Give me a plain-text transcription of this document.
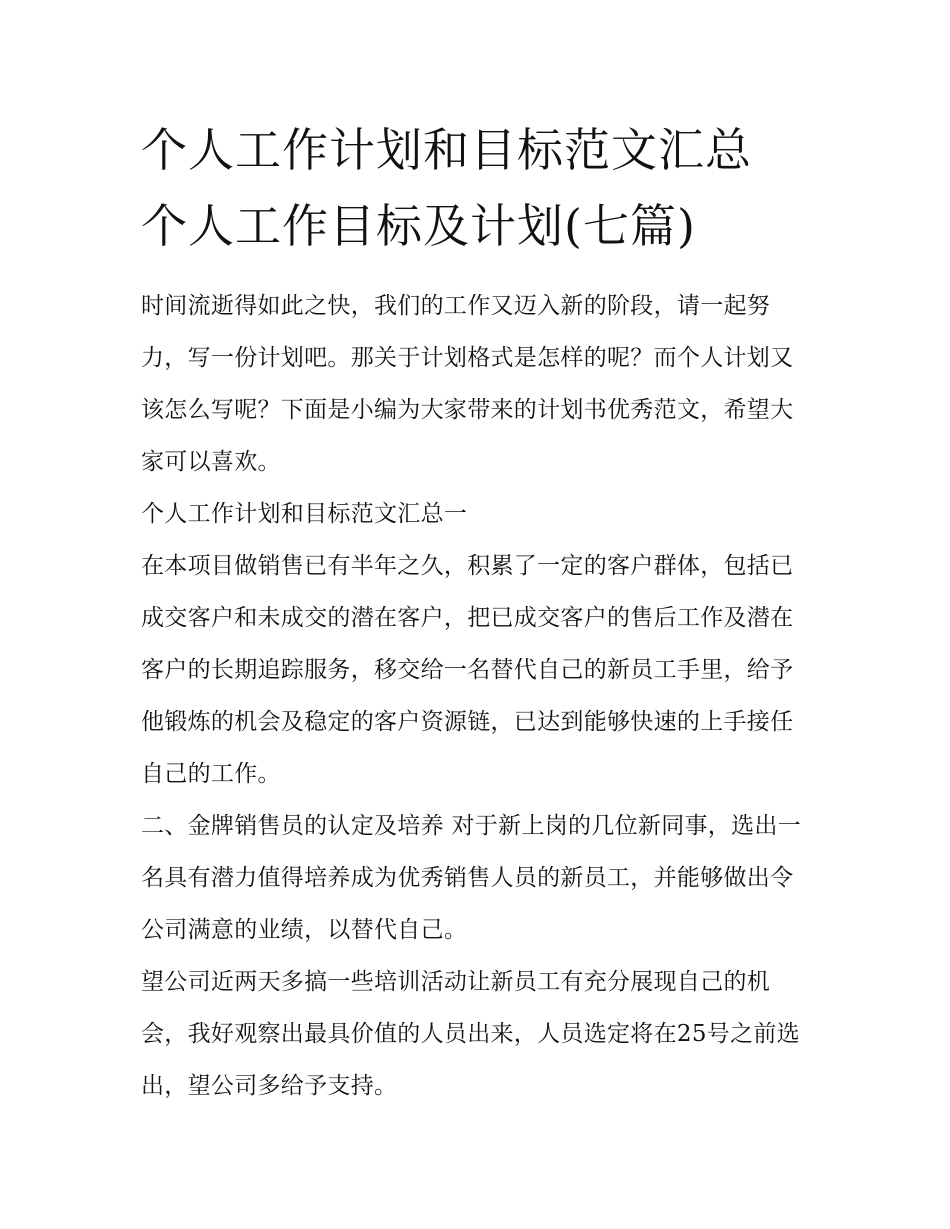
个人工作计划和目标范文汇总
个人工作目标及计划(七篇)

时间流逝得如此之快，我们的工作又迈入新的阶段，请一起努力，写一份计划吧。那关于计划格式是怎样的呢？而个人计划又该怎么写呢？下面是小编为大家带来的计划书优秀范文，希望大家可以喜欢。

个人工作计划和目标范文汇总一

在本项目做销售已有半年之久，积累了一定的客户群体，包括已成交客户和未成交的潜在客户，把已成交客户的售后工作及潜在客户的长期追踪服务，移交给一名替代自己的新员工手里，给予他锻炼的机会及稳定的客户资源链，已达到能够快速的上手接任自己的工作。

二、金牌销售员的认定及培养 对于新上岗的几位新同事，选出一名具有潜力值得培养成为优秀销售人员的新员工，并能够做出令公司满意的业绩，以替代自己。

望公司近两天多搞一些培训活动让新员工有充分展现自己的机会，我好观察出最具价值的人员出来，人员选定将在25号之前选出，望公司多给予支持。
